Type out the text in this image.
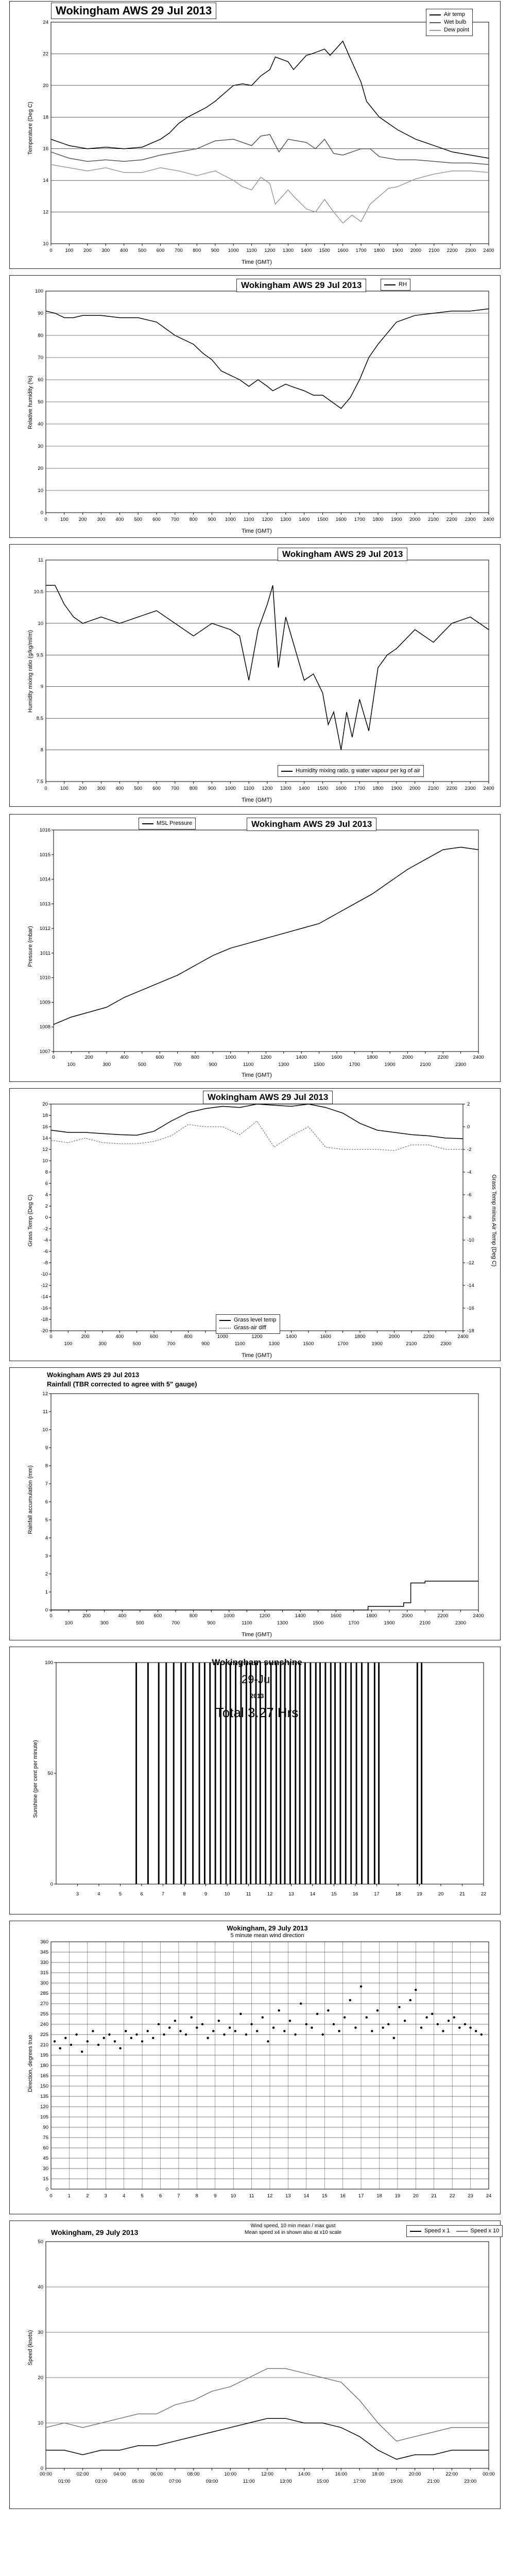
10
12
14
16
18
20
22
24
0	100 200 300 400 500 600 700 800 900 1000 1100 1200 1300 1400 1500 1600 1700 1800 1900 2000 2100 2200 2300 2400
Wokingham AWS 29 Jul 2013	Air temp
Wet bulb
Dew point
Temperature (Deg C)
Time (GMT)
0
10
20
30
40
50
60
70
80
90
100
0	100 200 300 400 500 600 700 800 900 1000 1100 1200 1300 1400 1500 1600 1700 1800 1900 2000 2100 2200 2300 2400
Wokingham AWS 29 Jul 2013	RH
Relative humidity (%)
Time (GMT)
7.5
8
8.5
9
9.5
10
10.5
11
0	100 200 300 400 500 600 700 800 900 1000 1100 1200 1300 1400 1500 1600 1700 1800 1900 2000 2100 2200 2300 2400
Wokingham AWS 29 Jul 2013
Humidity mixing ratio, g water vapour per kg of air
Humidity mixing ratio (g/kg/ml/m)
Time (GMT)
1007
1008
1009
1010
1011
1012
1013
1014
1015
1016
0	200	400	600	800	1000	1200	1400	1600	1800	2000	2200	2400
100	300	500	700	900	1100	1300	1500	1700	1900	2100	2300
Wokingham AWS 29 Jul 2013
MSL Pressure
Pressure (mbar)
Time (GMT)
-20
-18
-16
-14
-12
-10
-8
-6
-4
-2
0
2
4
6
8
10
12
14
16
18
20
-18
-16
-14
-12
-10
-8
-6
-4
-2
0
2
0	200	400	600	800	1000	1200	1400	1600	1800	2000	2200	2400
100	300	500	700	900	1100	1300	1500	1700	1900	2100	2300
Wokingham AWS 29 Jul 2013
Grass level temp
Grass-air diff
Grass Temp (Deg C)	Grass Temp minus Air Temp (Deg C)
Time (GMT)
0
1
2
3
4
5
6
7
8
9
10
11
12
0	200	400	600	800	1000	1200	1400	1600	1800	2000	2200	2400
100	300	500	700	900	1100	1300	1500	1700	1900	2100	2300
Wokingham AWS 29 Jul 2013
Rainfall (TBR corrected to agree with 5" gauge)
Rainfall accumulation (mm)
Time (GMT)
0
50
100
3	4	5	6	7	8	9	10	11	12	13	14	15	16	17	18	19	20	21	22
Wokingham sunshine
29-Jul
2013
Total 3.27 Hrs
Sunshine (per cent per minute)
0
15
30
45
60
75
90
105
120
135
150
165
180
195
210
225
240
255
270
285
300
315
330
345
360
0	1	2	3	4	5	6	7	8	9	10	11	12	13	14	15	16	17	18	19	20	21	22	23	24
Wokingham, 29 July 2013
5 minute mean wind direction
Direction, degrees true
0
10
20
30
40
50
00:00	02:00	04:00	06:00	08:00	10:00	12:00	14:00	16:00	18:00	20:00	22:00	00:00
01:00	03:00	05:00	07:00	09:00	11:00	13:00	15:00	17:00	19:00	21:00	23:00
Wokingham, 29 July 2013
Wind speed, 10 min mean / max gust
Mean speed x4 in shown also at x10 scale	Speed x 1	Speed x 10
Speed (knots)
